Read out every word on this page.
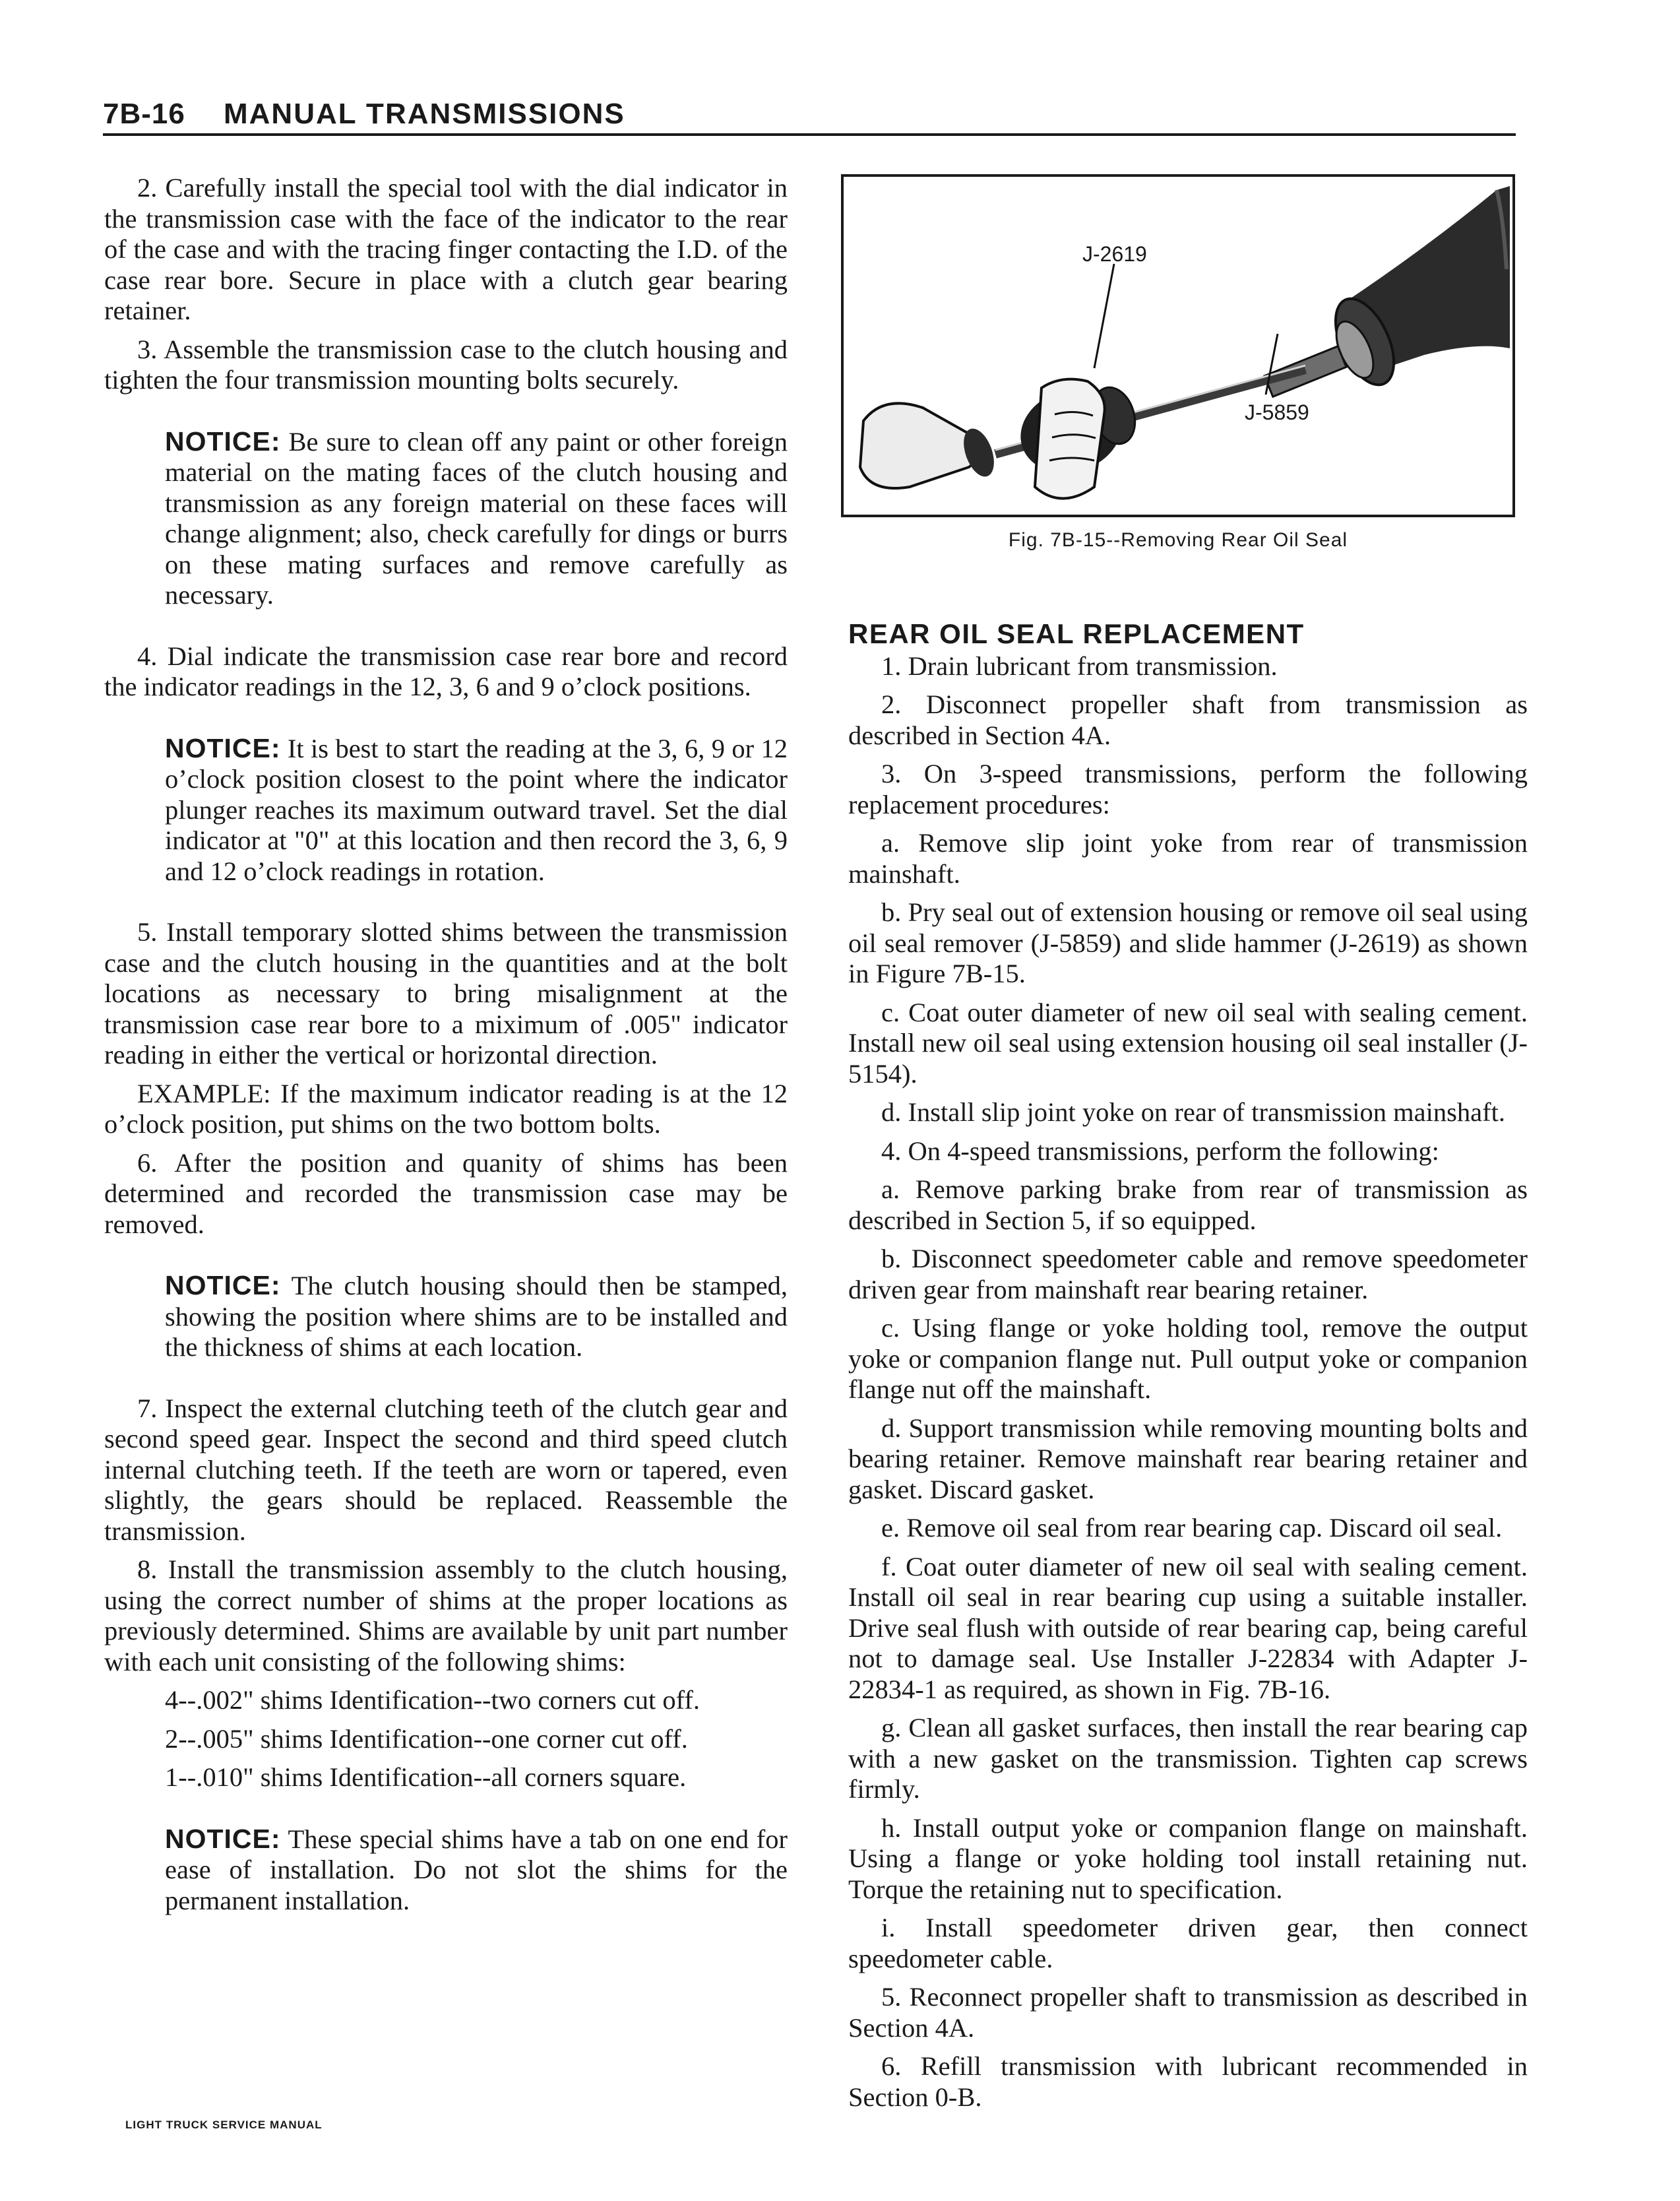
7B-16 MANUAL TRANSMISSIONS

2. Carefully install the special tool with the dial indicator in the transmission case with the face of the indicator to the rear of the case and with the tracing finger contacting the I.D. of the case rear bore. Secure in place with a clutch gear bearing retainer.

3. Assemble the transmission case to the clutch housing and tighten the four transmission mounting bolts securely.

NOTICE: Be sure to clean off any paint or other foreign material on the mating faces of the clutch housing and transmission as any foreign material on these faces will change alignment; also, check carefully for dings or burrs on these mating surfaces and remove carefully as necessary.

4. Dial indicate the transmission case rear bore and record the indicator readings in the 12, 3, 6 and 9 o’clock positions.

NOTICE: It is best to start the reading at the 3, 6, 9 or 12 o’clock position closest to the point where the indicator plunger reaches its maximum outward travel. Set the dial indicator at "0" at this location and then record the 3, 6, 9 and 12 o’clock readings in rotation.

5. Install temporary slotted shims between the transmission case and the clutch housing in the quantities and at the bolt locations as necessary to bring misalignment at the transmission case rear bore to a miximum of .005" indicator reading in either the vertical or horizontal direction.

EXAMPLE: If the maximum indicator reading is at the 12 o’clock position, put shims on the two bottom bolts.

6. After the position and quanity of shims has been determined and recorded the transmission case may be removed.

NOTICE: The clutch housing should then be stamped, showing the position where shims are to be installed and the thickness of shims at each location.

7. Inspect the external clutching teeth of the clutch gear and second speed gear. Inspect the second and third speed clutch internal clutching teeth. If the teeth are worn or tapered, even slightly, the gears should be replaced. Reassemble the transmission.

8. Install the transmission assembly to the clutch housing, using the correct number of shims at the proper locations as previously determined. Shims are available by unit part number with each unit consisting of the following shims:

4--.002" shims Identification--two corners cut off.

2--.005" shims Identification--one corner cut off.

1--.010" shims Identification--all corners square.

NOTICE: These special shims have a tab on one end for ease of installation. Do not slot the shims for the permanent installation.

J-2619
J-5859
Fig. 7B-15--Removing Rear Oil Seal

REAR OIL SEAL REPLACEMENT

1. Drain lubricant from transmission.

2. Disconnect propeller shaft from transmission as described in Section 4A.

3. On 3-speed transmissions, perform the following replacement procedures:

a. Remove slip joint yoke from rear of transmission mainshaft.

b. Pry seal out of extension housing or remove oil seal using oil seal remover (J-5859) and slide hammer (J-2619) as shown in Figure 7B-15.

c. Coat outer diameter of new oil seal with sealing cement. Install new oil seal using extension housing oil seal installer (J-5154).

d. Install slip joint yoke on rear of transmission mainshaft.

4. On 4-speed transmissions, perform the following:

a. Remove parking brake from rear of transmission as described in Section 5, if so equipped.

b. Disconnect speedometer cable and remove speedometer driven gear from mainshaft rear bearing retainer.

c. Using flange or yoke holding tool, remove the output yoke or companion flange nut. Pull output yoke or companion flange nut off the mainshaft.

d. Support transmission while removing mounting bolts and bearing retainer. Remove mainshaft rear bearing retainer and gasket. Discard gasket.

e. Remove oil seal from rear bearing cap. Discard oil seal.

f. Coat outer diameter of new oil seal with sealing cement. Install oil seal in rear bearing cup using a suitable installer. Drive seal flush with outside of rear bearing cap, being careful not to damage seal. Use Installer J-22834 with Adapter J-22834-1 as required, as shown in Fig. 7B-16.

g. Clean all gasket surfaces, then install the rear bearing cap with a new gasket on the transmission. Tighten cap screws firmly.

h. Install output yoke or companion flange on mainshaft. Using a flange or yoke holding tool install retaining nut. Torque the retaining nut to specification.

i. Install speedometer driven gear, then connect speedometer cable.

5. Reconnect propeller shaft to transmission as described in Section 4A.

6. Refill transmission with lubricant recommended in Section 0-B.

LIGHT TRUCK SERVICE MANUAL
